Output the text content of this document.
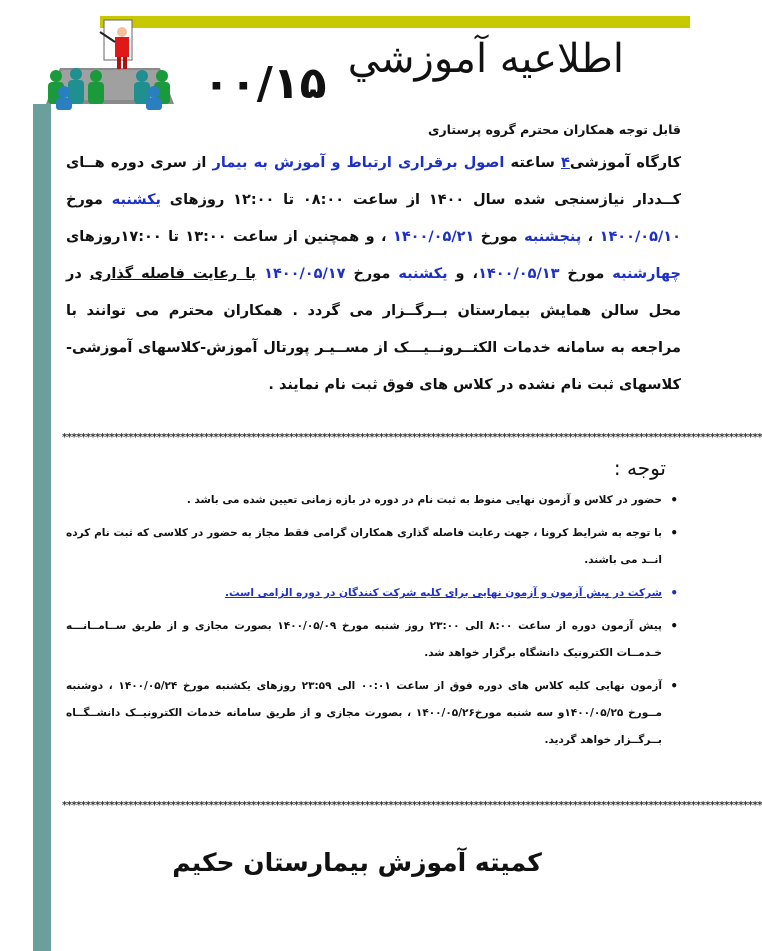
اطلاعيه آموزشي
۰۰/۱۵
قابل توجه همکاران محترم گروه پرستاری
کارگاه آموزشی۴ ساعته اصول برقراری ارتباط و آموزش به بیمار از سری دوره هــای کــددار نیازسنجی شده سال ۱۴۰۰ از ساعت ۰۸:۰۰ تا ۱۲:۰۰ روزهای یکشنبه مورخ ۱۴۰۰/۰۵/۱۰ ، پنجشنبه مورخ ۱۴۰۰/۰۵/۲۱ ، و همچنین از ساعت ۱۳:۰۰ تا ۱۷:۰۰روزهای چهارشنبه مورخ ۱۴۰۰/۰۵/۱۳، و یکشنبه مورخ ۱۴۰۰/۰۵/۱۷ با رعایت فاصله گذاری در محل سالن همایش بیمارستان بــرگــزار می گردد . همکاران محترم می توانند با مراجعه به سامانه خدمات الکتــرونــیـــک از مســیـر پورتال آموزش-کلاسهای آموزشی-کلاسهای ثبت نام نشده در کلاس های فوق ثبت نام نمایند .
****************************************************************************************************************************************************
توجه :
• حضور در کلاس و آزمون نهایی منوط به ثبت نام در دوره در بازه زمانی تعیین شده می باشد .
• با توجه به شرایط کرونا ، جهت رعایت فاصله گذاری همکاران گرامی فقط مجاز به حضور در کلاسی که ثبت نام کرده انــد می باشند.
• شرکت در پیش آزمون و آزمون نهایی برای کلیه شرکت کنندگان در دوره الزامی است.
• پیش آزمون دوره از ساعت ۸:۰۰ الی ۲۳:۰۰ روز شنبه مورخ ۱۴۰۰/۰۵/۰۹ بصورت مجازی و از طریق ســامــانـــه خـدمــات الکترونیک دانشگاه برگزار خواهد شد.
• آزمون نهایی کلیه کلاس های دوره فوق از ساعت ۰۰:۰۱ الی ۲۳:۵۹ روزهای یکشنبه مورخ ۱۴۰۰/۰۵/۲۴ ، دوشنبه مــورخ ۱۴۰۰/۰۵/۲۵و سه شنبه مورخ۱۴۰۰/۰۵/۲۶ ، بصورت مجازی و از طریق سامانه خدمات الکترونیــک دانشــگــاه بــرگــزار خواهد گردید.
****************************************************************************************************************************************************
کمیته آموزش بیمارستان حکیم
